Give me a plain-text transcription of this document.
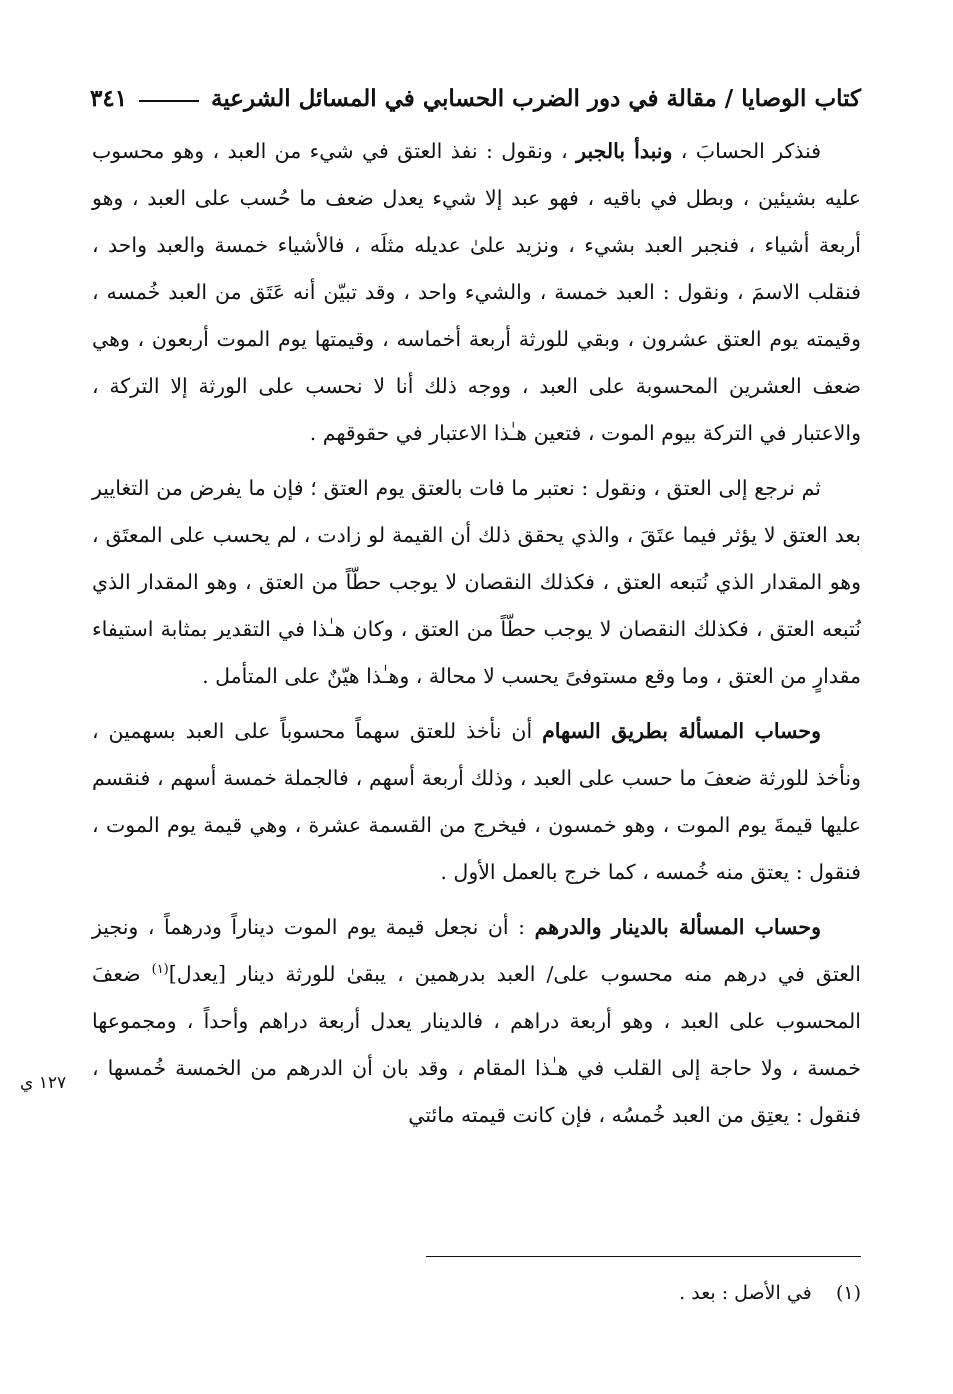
كتاب الوصايا / مقالة في دور الضرب الحسابي في المسائل الشرعية
٣٤١

فنذكر الحسابَ ، ونبدأ بالجبر ، ونقول : نفذ العتق في شيء من العبد ، وهو محسوب عليه بشيئين ، وبطل في باقيه ، فهو عبد إلا شيء يعدل ضعف ما حُسب على العبد ، وهو أربعة أشياء ، فنجبر العبد بشيء ، ونزيد علىٰ عديله مثلَه ، فالأشياء خمسة والعبد واحد ، فنقلب الاسمَ ، ونقول : العبد خمسة ، والشيء واحد ، وقد تبيّن أنه عَتَق من العبد خُمسه ، وقيمته يوم العتق عشرون ، وبقي للورثة أربعة أخماسه ، وقيمتها يوم الموت أربعون ، وهي ضعف العشرين المحسوبة على العبد ، ووجه ذلك أنا لا نحسب على الورثة إلا التركة ، والاعتبار في التركة بيوم الموت ، فتعين هـٰذا الاعتبار في حقوقهم .

ثم نرجع إلى العتق ، ونقول : نعتبر ما فات بالعتق يوم العتق ؛ فإن ما يفرض من التغايير بعد العتق لا يؤثر فيما عتَقَ ، والذي يحقق ذلك أن القيمة لو زادت ، لم يحسب على المعتَق ، وهو المقدار الذي نُتبعه العتق ، فكذلك النقصان لا يوجب حطّاً من العتق ، وهو المقدار الذي نُتبعه العتق ، فكذلك النقصان لا يوجب حطّاً من العتق ، وكان هـٰذا في التقدير بمثابة استيفاء مقدارٍ من العتق ، وما وقع مستوفىً يحسب لا محالة ، وهـٰذا هيّنٌ على المتأمل .

وحساب المسألة بطريق السهام أن نأخذ للعتق سهماً محسوباً على العبد بسهمين ، ونأخذ للورثة ضعفَ ما حسب على العبد ، وذلك أربعة أسهم ، فالجملة خمسة أسهم ، فنقسم عليها قيمةَ يوم الموت ، وهو خمسون ، فيخرج من القسمة عشرة ، وهي قيمة يوم الموت ، فنقول : يعتق منه خُمسه ، كما خرج بالعمل الأول .

وحساب المسألة بالدينار والدرهم : أن نجعل قيمة يوم الموت ديناراً ودرهماً ، ونجيز العتق في درهم منه محسوب على/ العبد بدرهمين ، يبقىٰ للورثة دينار [يعدل]$^{(١)}$ ضعفَ المحسوب على العبد ، وهو أربعة دراهم ، فالدينار يعدل أربعة دراهم وأحداً ، ومجموعها خمسة ، ولا حاجة إلى القلب في هـٰذا المقام ، وقد بان أن الدرهم من الخمسة خُمسها ، فنقول : يعتِق من العبد خُمسُه ، فإن كانت قيمته مائتي

١٢٧ ي
(١)    في الأصل : بعد .
